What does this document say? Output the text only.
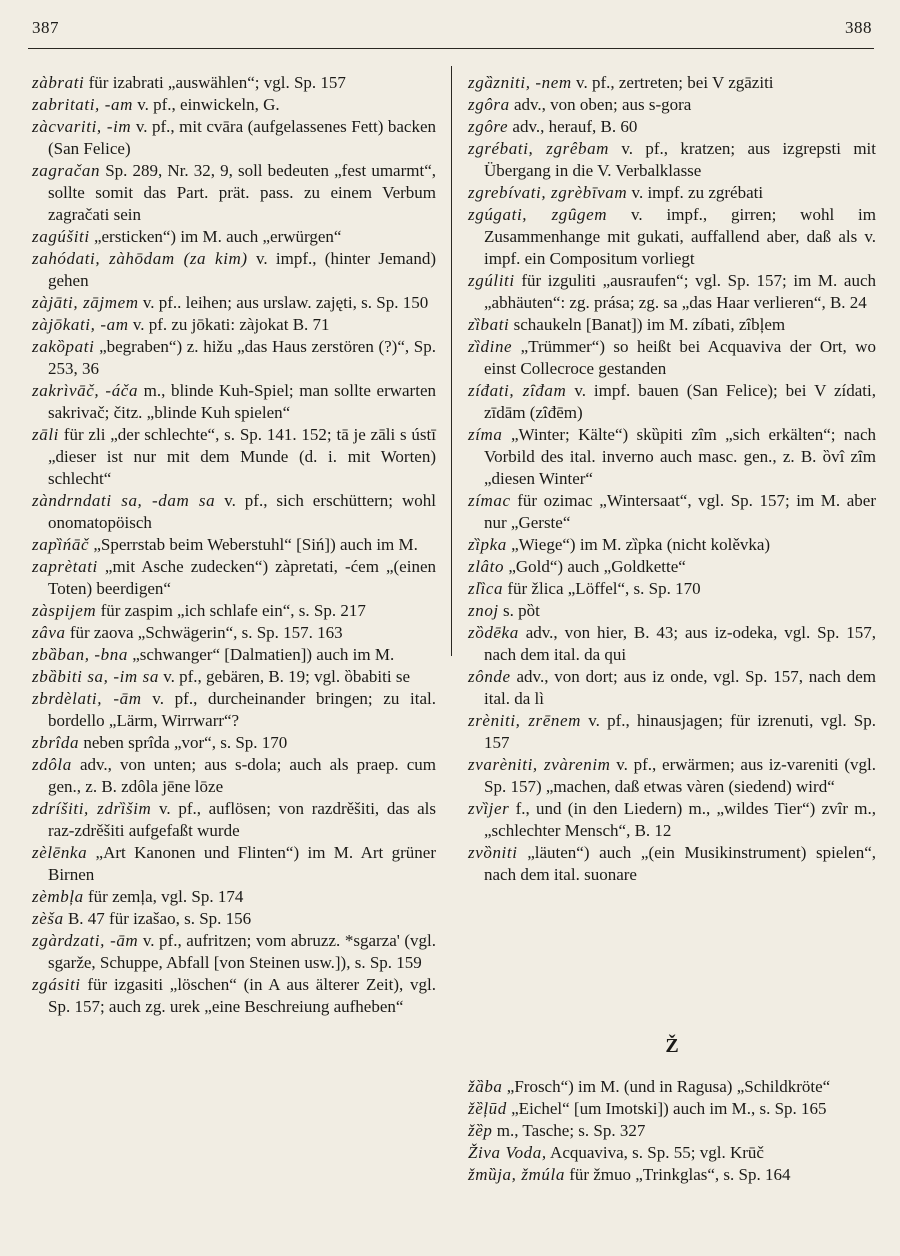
387	388
zàbrati für izabrati „auswählen“; vgl. Sp. 157
zabritati, -am v. pf., einwickeln, G.
zàcvariti, -im v. pf., mit cvāra (aufgelassenes Fett) backen (San Felice)
zagračan Sp. 289, Nr. 32, 9, soll bedeuten „fest umarmt“, sollte somit das Part. prät. pass. zu einem Verbum zagračati sein
zagúšiti „ersticken“) im M. auch „erwürgen“
zahódati, zàhōdam (za kim) v. impf., (hinter Jemand) gehen
zàjāti, zājmem v. pf.. leihen; aus urslaw. zajęti, s. Sp. 150
zàjōkati, -am v. pf. zu jōkati: zàjokat B. 71
zakȍpati „begraben“) z. hižu „das Haus zerstören (?)“, Sp. 253, 36
zakrìvāč, -áča m., blinde Kuh-Spiel; man sollte erwarten sakrivač; čitz. „blinde Kuh spielen“
zāli für zli „der schlechte“, s. Sp. 141. 152; tā je zāli s ústī „dieser ist nur mit dem Munde (d. i. mit Worten) schlecht“
zàndrndati sa, -dam sa v. pf., sich erschüttern; wohl onomatopöisch
zapȉńāč „Sperrstab beim Weberstuhl“ [Siń]) auch im M.
zaprètati „mit Asche zudecken“) zàpretati, -ćem „(einen Toten) beerdigen“
zàspijem für zaspim „ich schlafe ein“, s. Sp. 217
zâva für zaova „Schwägerin“, s. Sp. 157. 163
zbȁban, -bna „schwanger“ [Dalmatien]) auch im M.
zbȁbiti sa, -im sa v. pf., gebären, B. 19; vgl. ȍbabiti se
zbrdèlati, -ām v. pf., durcheinander bringen; zu ital. bordello „Lärm, Wirrwarr“?
zbrîda neben sprîda „vor“, s. Sp. 170
zdôla adv., von unten; aus s-dola; auch als praep. cum gen., z. B. zdôla jēne lōze
zdríšiti, zdrȉšim v. pf., auflösen; von razdrěšiti, das als raz-zdrěšiti aufgefaßt wurde
zèlēnka „Art Kanonen und Flinten“) im M. Art grüner Birnen
zèmbļa für zemļa, vgl. Sp. 174
zèša B. 47 für izašao, s. Sp. 156
zgàrdzati, -ām v. pf., aufritzen; vom abruzz. *sgarza' (vgl. sgarže, Schuppe, Abfall [von Steinen usw.]), s. Sp. 159
zgásiti für izgasiti „löschen“ (in A aus älterer Zeit), vgl. Sp. 157; auch zg. urek „eine Beschreiung aufheben“
zgȁzniti, -nem v. pf., zertreten; bei V zgāziti
zgôra adv., von oben; aus s-gora
zgôre adv., herauf, B. 60
zgrébati, zgrêbam v. pf., kratzen; aus izgrepsti mit Übergang in die V. Verbalklasse
zgrebívati, zgrèbīvam v. impf. zu zgrébati
zgúgati, zgȗgem v. impf., girren; wohl im Zusammenhange mit gukati, auffallend aber, daß als v. impf. ein Compositum vorliegt
zgúliti für izguliti „ausraufen“; vgl. Sp. 157; im M. auch „abhäuten“: zg. prása; zg. sa „das Haar verlieren“, B. 24
zȉbati schaukeln [Banat]) im M. zíbati, zȋbļem
zȉdine „Trümmer“) so heißt bei Acquaviva der Ort, wo einst Collecroce gestanden
zíđati, zȋđam v. impf. bauen (San Felice); bei V zídati, zīdām (zȋđēm)
zíma „Winter; Kälte“) skȕpiti zȋm „sich erkälten“; nach Vorbild des ital. inverno auch masc. gen., z. B. ȍvî zȋm „diesen Winter“
zímac für ozimac „Wintersaat“, vgl. Sp. 157; im M. aber nur „Gerste“
zȉpka „Wiege“) im M. zȉpka (nicht kolěvka)
zlâto „Gold“) auch „Goldkette“
zlȉca für žlica „Löffel“, s. Sp. 170
znoj s. pȍt
zȍdēka adv., von hier, B. 43; aus iz-odeka, vgl. Sp. 157, nach dem ital. da qui
zônde adv., von dort; aus iz onde, vgl. Sp. 157, nach dem ital. da lì
zrèniti, zrēnem v. pf., hinausjagen; für izrenuti, vgl. Sp. 157
zvarèniti, zvàrenim v. pf., erwärmen; aus iz-vareniti (vgl. Sp. 157) „machen, daß etwas vàren (siedend) wird“
zvȉjer f., und (in den Liedern) m., „wildes Tier“) zvȋr m., „schlechter Mensch“, B. 12
zvȍniti „läuten“) auch „(ein Musikinstrument) spielen“, nach dem ital. suonare
Ž
žȁba „Frosch“) im M. (und in Ragusa) „Schildkröte“
žȅļūd „Eichel“ [um Imotski]) auch im M., s. Sp. 165
žȅp m., Tasche; s. Sp. 327
Živa Voda, Acquaviva, s. Sp. 55; vgl. Krūč
žmȕja, žmúla für žmuo „Trinkglas“, s. Sp. 164
